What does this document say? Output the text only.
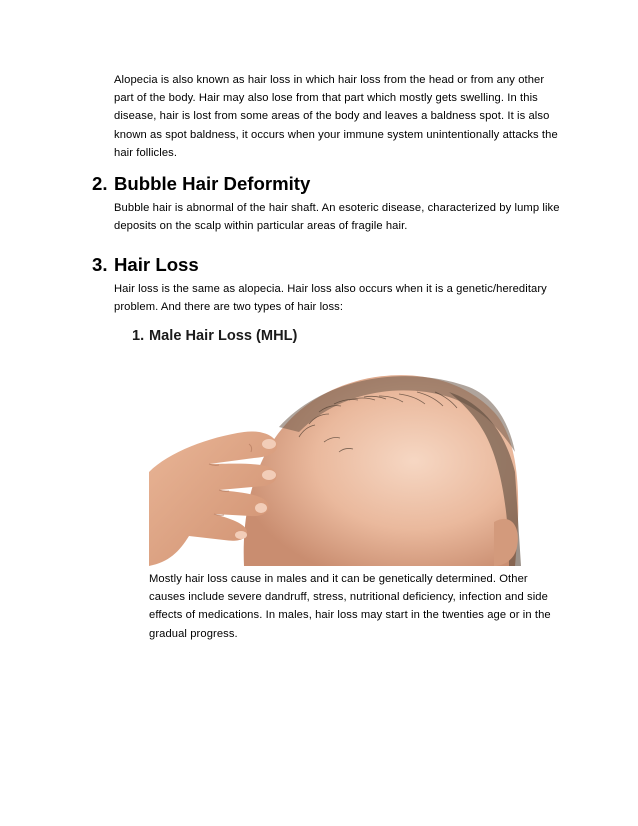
Alopecia is also known as hair loss in which hair loss from the head or from any other
part of the body. Hair may also lose from that part which mostly gets swelling. In this
disease, hair is lost from some areas of the body and leaves a baldness spot. It is also
known as spot baldness, it occurs when your immune system unintentionally attacks the
hair follicles.
2. Bubble Hair Deformity
Bubble hair is abnormal of the hair shaft. An esoteric disease, characterized by lump like
deposits on the scalp within particular areas of fragile hair.
3. Hair Loss
Hair loss is the same as alopecia. Hair loss also occurs when it is a genetic/hereditary
problem. And there are two types of hair loss:
1. Male Hair Loss (MHL)
Mostly hair loss cause in males and it can be genetically determined. Other
causes include severe dandruff, stress, nutritional deficiency, infection and side
effects of medications. In males, hair loss may start in the twenties age or in the
gradual progress.
